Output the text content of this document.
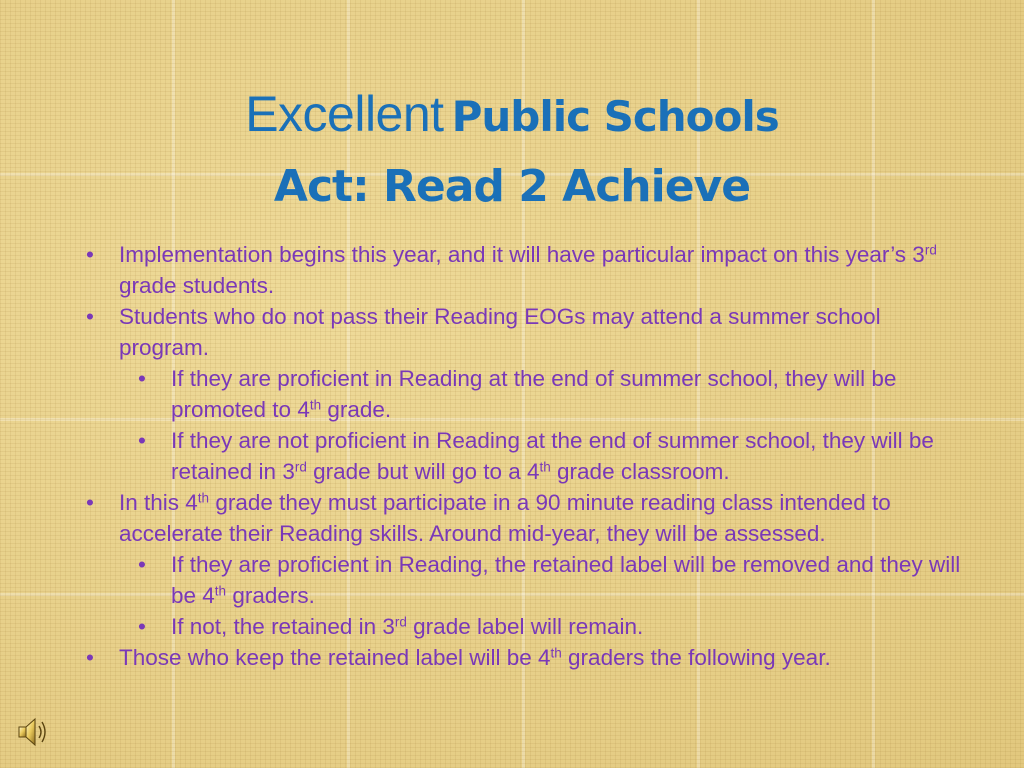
Excellent Public Schools
Act: Read 2 Achieve
• Implementation begins this year, and it will have particular impact on this year’s 3rd grade students.
• Students who do not pass their Reading EOGs may attend a summer school program.
• If they are proficient in Reading at the end of summer school, they will be promoted to 4th grade.
• If they are not proficient in Reading at the end of summer school, they will be retained in 3rd grade but will go to a 4th grade classroom.
• In this 4th grade they must participate in a 90 minute reading class intended to accelerate their Reading skills. Around mid-year, they will be assessed.
• If they are proficient in Reading, the retained label will be removed and they will be 4th graders.
• If not, the retained in 3rd grade label will remain.
• Those who keep the retained label will be 4th graders the following year.
